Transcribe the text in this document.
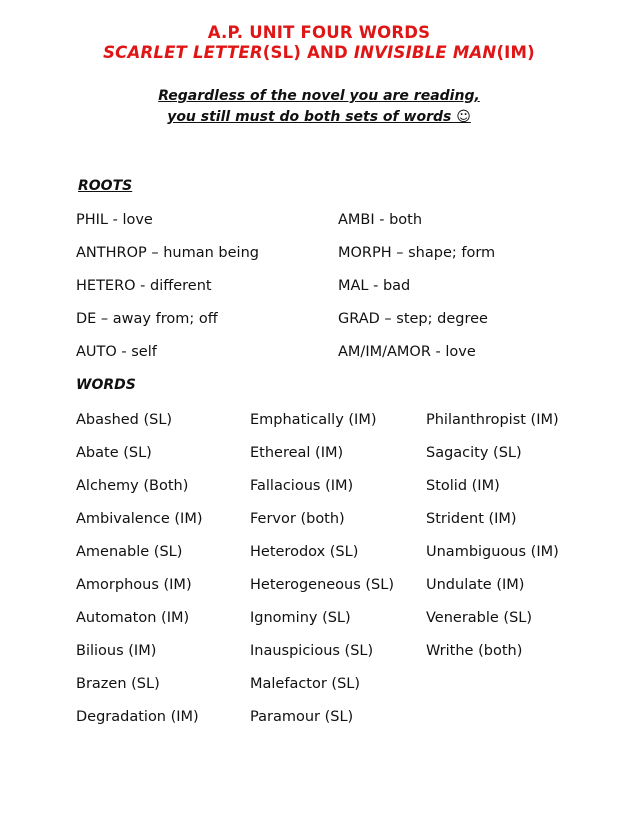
A.P. UNIT FOUR WORDS
SCARLET LETTER(SL) AND INVISIBLE MAN(IM)
Regardless of the novel you are reading,
you still must do both sets of words ☺
ROOTS
PHIL - love
ANTHROP – human being
HETERO - different
DE – away from; off
AUTO - self
AMBI - both
MORPH – shape; form
MAL - bad
GRAD – step; degree
AM/IM/AMOR - love
WORDS
Abashed (SL)
Abate (SL)
Alchemy (Both)
Ambivalence (IM)
Amenable (SL)
Amorphous (IM)
Automaton (IM)
Bilious (IM)
Brazen (SL)
Degradation (IM)
Emphatically (IM)
Ethereal (IM)
Fallacious (IM)
Fervor (both)
Heterodox (SL)
Heterogeneous (SL)
Ignominy (SL)
Inauspicious (SL)
Malefactor (SL)
Paramour (SL)
Philanthropist (IM)
Sagacity (SL)
Stolid (IM)
Strident (IM)
Unambiguous (IM)
Undulate (IM)
Venerable (SL)
Writhe (both)
